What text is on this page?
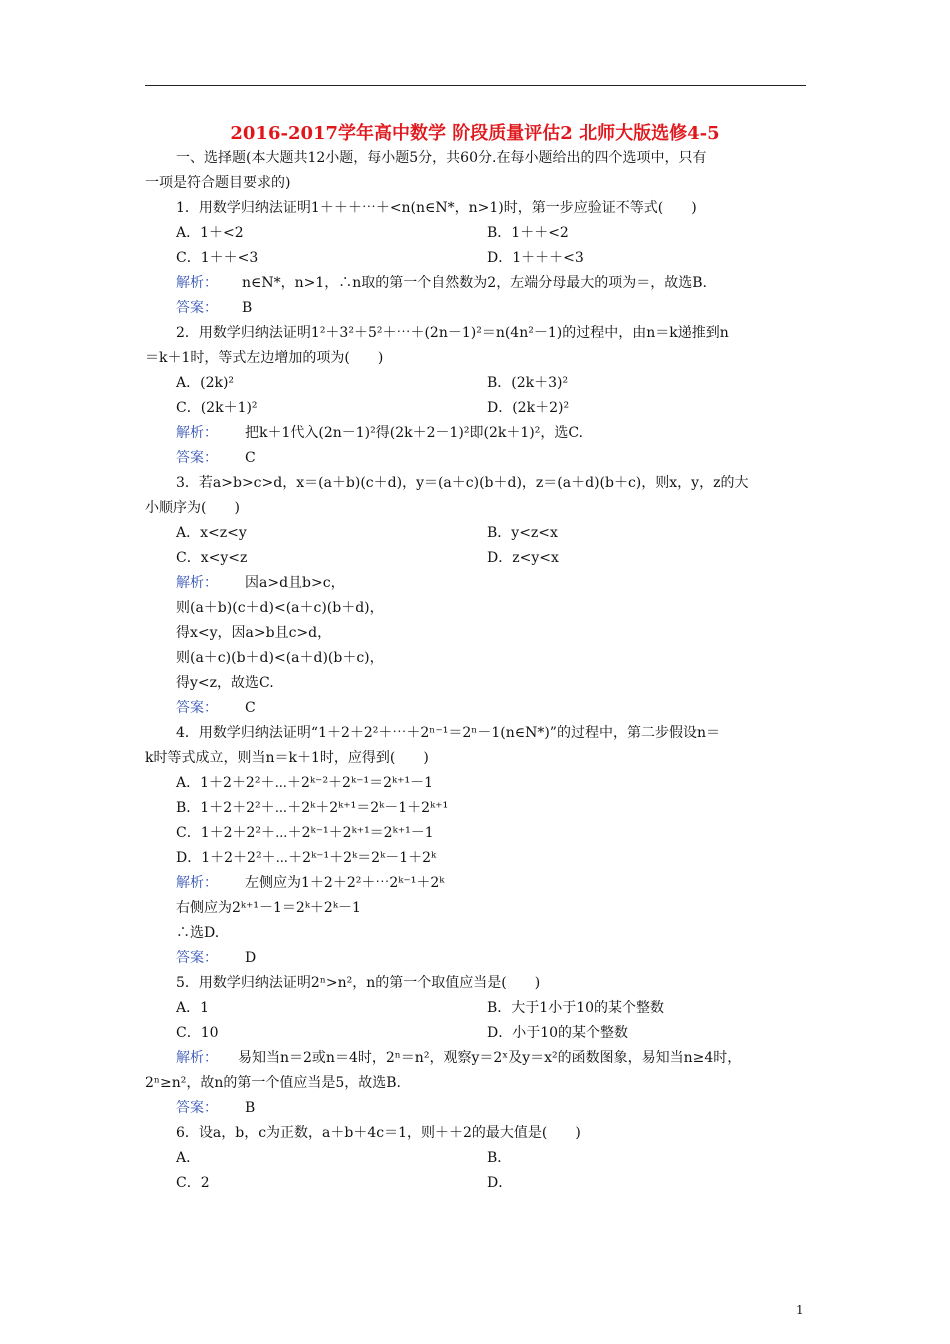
2016-2017学年高中数学 阶段质量评估2 北师大版选修4-5
一、选择题(本大题共12小题，每小题5分，共60分.在每小题给出的四个选项中，只有
一项是符合题目要求的)
1．用数学归纳法证明1＋＋＋⋯＋<n(n∈N*，n>1)时，第一步应验证不等式(　　)
A．1＋<2	B．1＋＋<2
C．1＋＋<3	D．1＋＋＋<3
解析： n∈N*，n>1，∴n取的第一个自然数为2，左端分母最大的项为＝，故选B.
答案： B
2．用数学归纳法证明1²＋3²＋5²＋⋯＋(2n－1)²＝n(4n²－1)的过程中，由n＝k递推到n
＝k＋1时，等式左边增加的项为(　　)
A．(2k)²	B．(2k＋3)²
C．(2k＋1)²	D．(2k＋2)²
解析： 把k＋1代入(2n－1)²得(2k＋2－1)²即(2k＋1)²，选C.
答案： C
3．若a>b>c>d，x＝(a＋b)(c＋d)，y＝(a＋c)(b＋d)，z＝(a＋d)(b＋c)，则x，y，z的大
小顺序为(　　)
A．x<z<y	B．y<z<x
C．x<y<z	D．z<y<x
解析： 因a>d且b>c，
则(a＋b)(c＋d)<(a＋c)(b＋d)，
得x<y，因a>b且c>d，
则(a＋c)(b＋d)<(a＋d)(b＋c)，
得y<z，故选C.
答案： C
4．用数学归纳法证明“1＋2＋2²＋⋯＋2ⁿ⁻¹＝2ⁿ－1(n∈N*)”的过程中，第二步假设n＝
k时等式成立，则当n＝k＋1时，应得到(　　)
A．1＋2＋2²＋⋯＋2ᵏ⁻²＋2ᵏ⁻¹＝2ᵏ⁺¹－1
B．1＋2＋2²＋⋯＋2ᵏ＋2ᵏ⁺¹＝2ᵏ－1＋2ᵏ⁺¹
C．1＋2＋2²＋⋯＋2ᵏ⁻¹＋2ᵏ⁺¹＝2ᵏ⁺¹－1
D．1＋2＋2²＋⋯＋2ᵏ⁻¹＋2ᵏ＝2ᵏ－1＋2ᵏ
解析： 左侧应为1＋2＋2²＋⋯2ᵏ⁻¹＋2ᵏ
右侧应为2ᵏ⁺¹－1＝2ᵏ＋2ᵏ－1
∴选D.
答案： D
5．用数学归纳法证明2ⁿ>n²，n的第一个取值应当是(　　)
A．1	B．大于1小于10的某个整数
C．10	D．小于10的某个整数
解析： 易知当n＝2或n＝4时，2ⁿ＝n²，观察y＝2ˣ及y＝x²的函数图象，易知当n≥4时，
2ⁿ≥n²，故n的第一个值应当是5，故选B.
答案： B
6．设a，b，c为正数，a＋b＋4c＝1，则＋＋2的最大值是(　　)
A．	B．
C．2	D．
1
